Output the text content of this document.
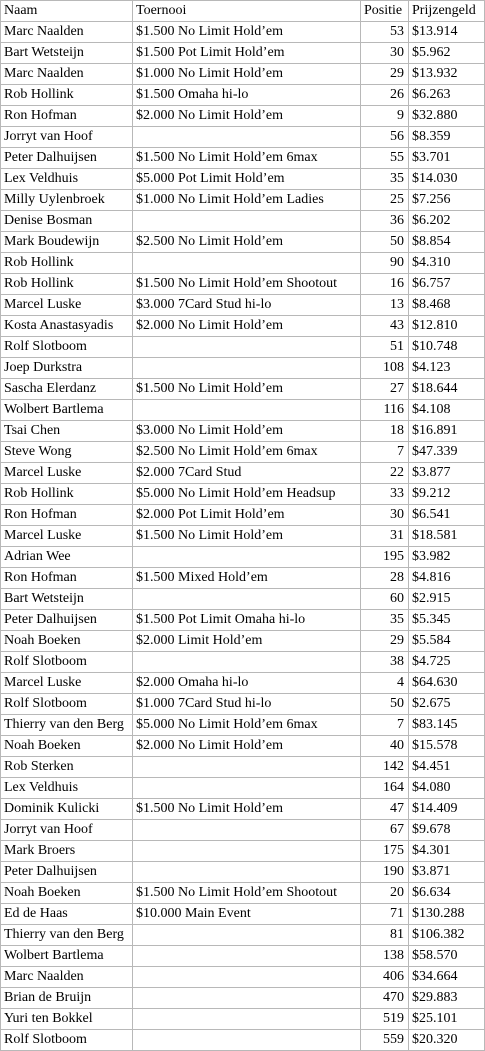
Naam	Toernooi	Positie	Prijzengeld
Marc Naalden	$1.500 No Limit Hold’em	53	$13.914
Bart Wetsteijn	$1.500 Pot Limit Hold’em	30	$5.962
Marc Naalden	$1.000 No Limit Hold’em	29	$13.932
Rob Hollink	$1.500 Omaha hi-lo	26	$6.263
Ron Hofman	$2.000 No Limit Hold’em	9	$32.880
Jorryt van Hoof		56	$8.359
Peter Dalhuijsen	$1.500 No Limit Hold’em 6max	55	$3.701
Lex Veldhuis	$5.000 Pot Limit Hold’em	35	$14.030
Milly Uylenbroek	$1.000 No Limit Hold’em Ladies	25	$7.256
Denise Bosman		36	$6.202
Mark Boudewijn	$2.500 No Limit Hold’em	50	$8.854
Rob Hollink		90	$4.310
Rob Hollink	$1.500 No Limit Hold’em Shootout	16	$6.757
Marcel Luske	$3.000 7Card Stud hi-lo	13	$8.468
Kosta Anastasyadis	$2.000 No Limit Hold’em	43	$12.810
Rolf Slotboom		51	$10.748
Joep Durkstra		108	$4.123
Sascha Elerdanz	$1.500 No Limit Hold’em	27	$18.644
Wolbert Bartlema		116	$4.108
Tsai Chen	$3.000 No Limit Hold’em	18	$16.891
Steve Wong	$2.500 No Limit Hold’em 6max	7	$47.339
Marcel Luske	$2.000 7Card Stud	22	$3.877
Rob Hollink	$5.000 No Limit Hold’em Headsup	33	$9.212
Ron Hofman	$2.000 Pot Limit Hold’em	30	$6.541
Marcel Luske	$1.500 No Limit Hold’em	31	$18.581
Adrian Wee		195	$3.982
Ron Hofman	$1.500 Mixed Hold’em	28	$4.816
Bart Wetsteijn		60	$2.915
Peter Dalhuijsen	$1.500 Pot Limit Omaha hi-lo	35	$5.345
Noah Boeken	$2.000 Limit Hold’em	29	$5.584
Rolf Slotboom		38	$4.725
Marcel Luske	$2.000 Omaha hi-lo	4	$64.630
Rolf Slotboom	$1.000 7Card Stud hi-lo	50	$2.675
Thierry van den Berg	$5.000 No Limit Hold’em 6max	7	$83.145
Noah Boeken	$2.000 No Limit Hold’em	40	$15.578
Rob Sterken		142	$4.451
Lex Veldhuis		164	$4.080
Dominik Kulicki	$1.500 No Limit Hold’em	47	$14.409
Jorryt van Hoof		67	$9.678
Mark Broers		175	$4.301
Peter Dalhuijsen		190	$3.871
Noah Boeken	$1.500 No Limit Hold’em Shootout	20	$6.634
Ed de Haas	$10.000 Main Event	71	$130.288
Thierry van den Berg		81	$106.382
Wolbert Bartlema		138	$58.570
Marc Naalden		406	$34.664
Brian de Bruijn		470	$29.883
Yuri ten Bokkel		519	$25.101
Rolf Slotboom		559	$20.320
